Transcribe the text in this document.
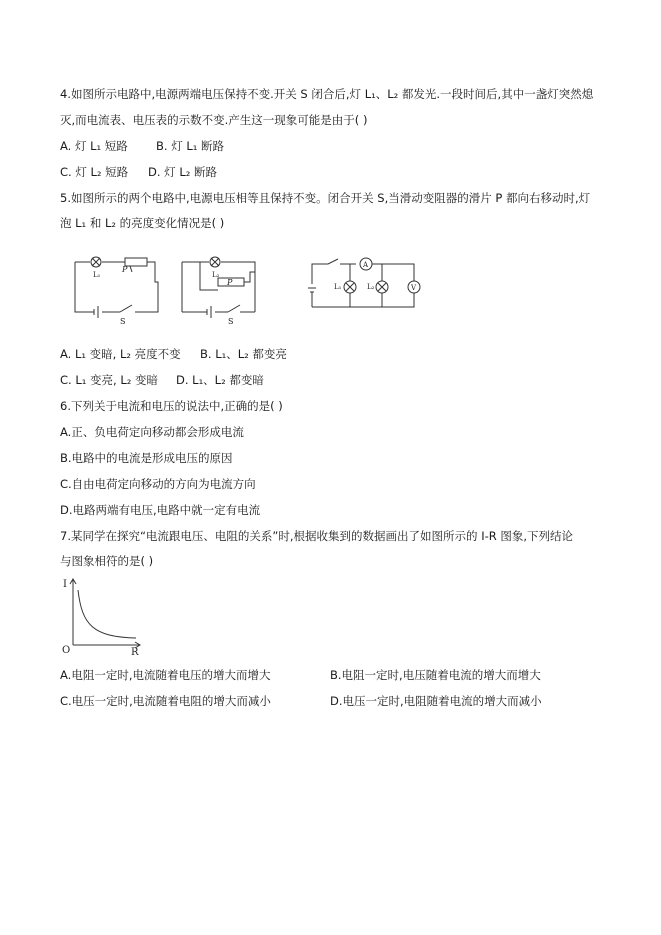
4.如图所示电路中,电源两端电压保持不变.开关 S 闭合后,灯 L₁、L₂ 都发光.一段时间后,其中一盏灯突然熄
灭,而电流表、电压表的示数不变.产生这一现象可能是由于( )
A. 灯 L₁ 短路 B. 灯 L₁ 断路
C. 灯 L₂ 短路 D. 灯 L₂ 断路
5.如图所示的两个电路中,电源电压相等且保持不变。闭合开关 S,当滑动变阻器的滑片 P 都向右移动时,灯
泡 L₁ 和 L₂ 的亮度变化情况是( )
L₁
P
S
L₂
P
S
A
L₁	L₂	V
A. L₁ 变暗, L₂ 亮度不变 B. L₁、L₂ 都变亮
C. L₁ 变亮, L₂ 变暗 D. L₁、L₂ 都变暗
6.下列关于电流和电压的说法中,正确的是( )
A.正、负电荷定向移动都会形成电流
B.电路中的电流是形成电压的原因
C.自由电荷定向移动的方向为电流方向
D.电路两端有电压,电路中就一定有电流
7.某同学在探究“电流跟电压、电阻的关系”时,根据收集到的数据画出了如图所示的 I-R 图象,下列结论
与图象相符的是( )
I
O	R
A.电阻一定时,电流随着电压的增大而增大	B.电阻一定时,电压随着电流的增大而增大
C.电压一定时,电流随着电阻的增大而减小	D.电压一定时,电阻随着电流的增大而减小
